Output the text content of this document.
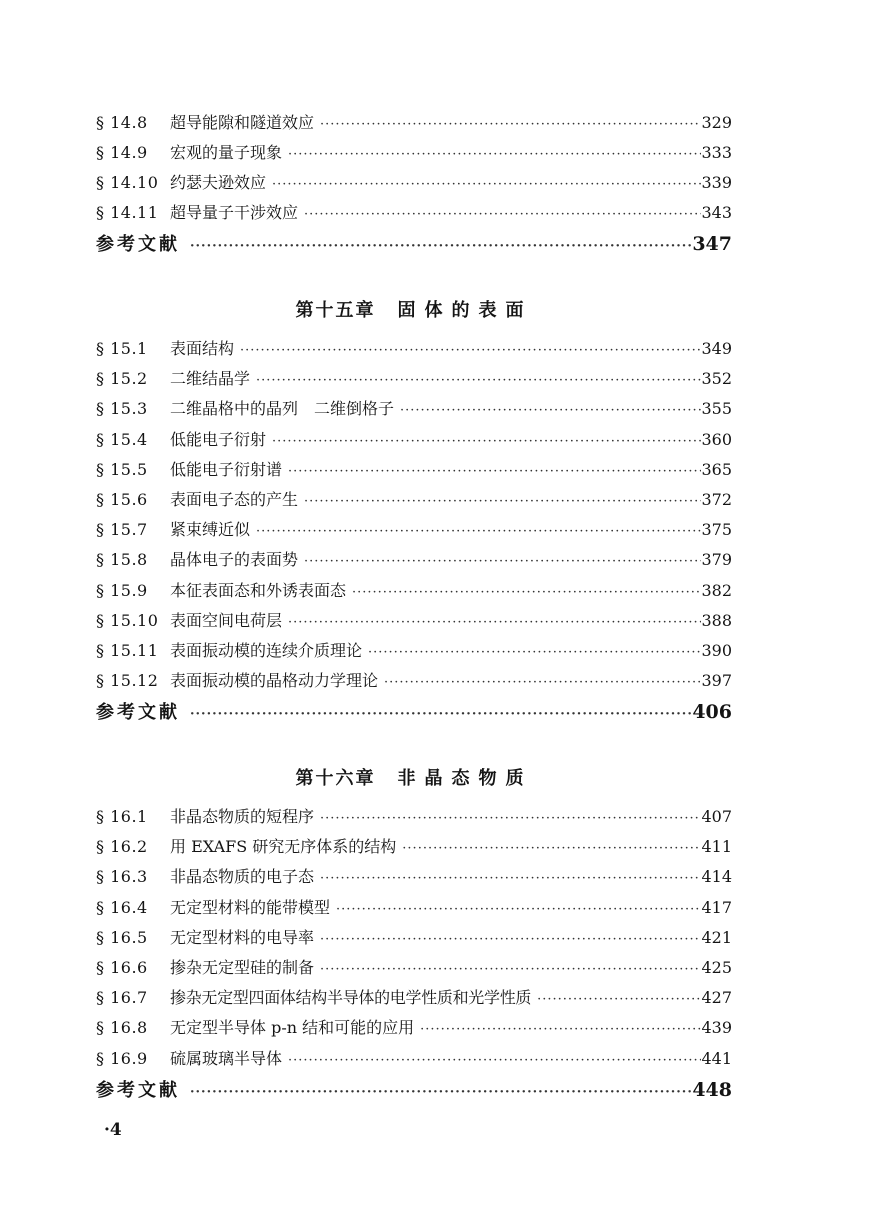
§ 14.8	超导能隙和隧道效应 ·····	329
§ 14.9	宏观的量子现象 ·····	333
§ 14.10 约瑟夫逊效应 ·····	339
§ 14.11 超导量子干涉效应 ·····	343
参考文献 ·····	347
第十五章 固体的表面
§ 15.1	表面结构 ·····	349
§ 15.2	二维结晶学 ·····	352
§ 15.3	二维晶格中的晶列　二维倒格子 ·····	355
§ 15.4	低能电子衍射 ·····	360
§ 15.5	低能电子衍射谱 ·····	365
§ 15.6	表面电子态的产生 ·····	372
§ 15.7	紧束缚近似 ·····	375
§ 15.8	晶体电子的表面势 ·····	379
§ 15.9	本征表面态和外诱表面态 ·····	382
§ 15.10 表面空间电荷层 ·····	388
§ 15.11 表面振动模的连续介质理论 ·····	390
§ 15.12 表面振动模的晶格动力学理论 ·····	397
参考文献 ·····	406
第十六章 非晶态物质
§ 16.1	非晶态物质的短程序 ·····	407
§ 16.2	用 EXAFS 研究无序体系的结构 ·····	411
§ 16.3	非晶态物质的电子态 ·····	414
§ 16.4	无定型材料的能带模型 ·····	417
§ 16.5	无定型材料的电导率 ·····	421
§ 16.6	掺杂无定型硅的制备 ·····	425
§ 16.7	掺杂无定型四面体结构半导体的电学性质和光学性质 ·····	427
§ 16.8	无定型半导体 p-n 结和可能的应用 ·····	439
§ 16.9	硫属玻璃半导体 ·····	441
参考文献 ·····	448
·4
